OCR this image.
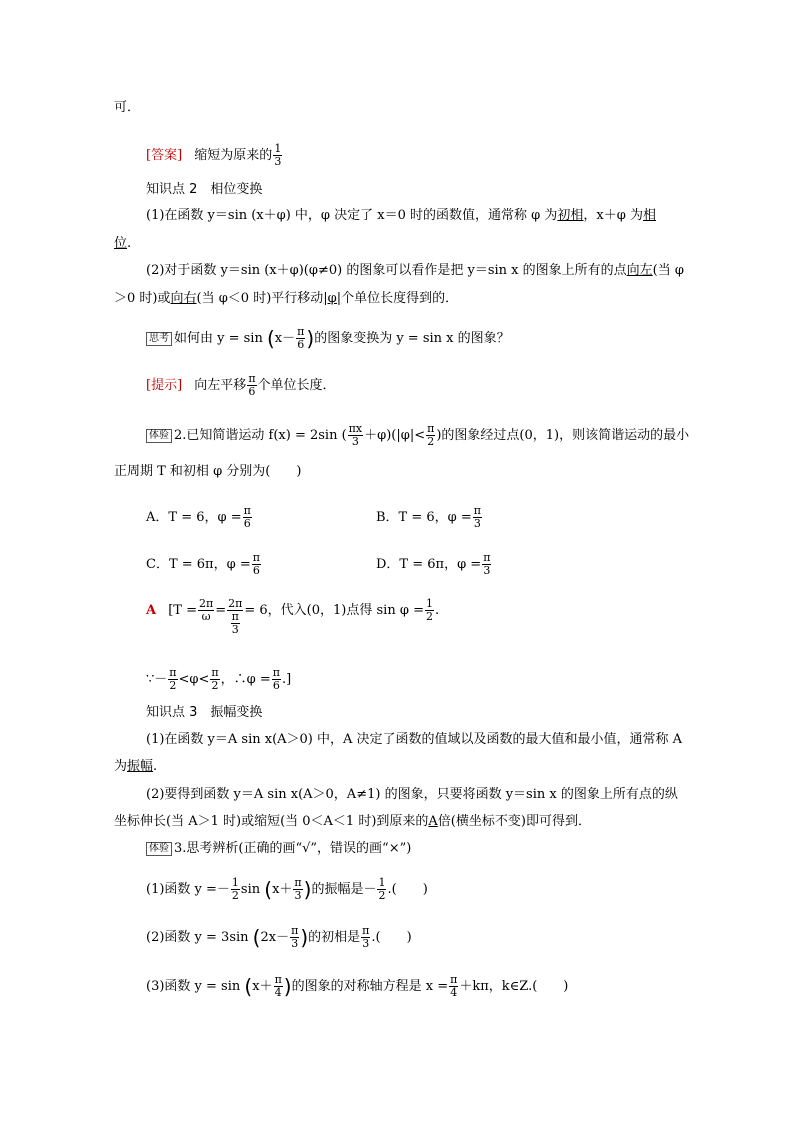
可．
[答案] 缩短为原来的 $\frac{1}{3}$
知识点 2　相位变换
(1)在函数 y＝sin (x＋φ) 中，φ 决定了 x＝0 时的函数值，通常称 φ 为初相，x＋φ 为相
位.
(2)对于函数 y＝sin (x＋φ)(φ≠0) 的图象可以看作是把 y＝sin x 的图象上所有的点向左(当 φ
＞0 时)或向右(当 φ＜0 时)平行移动|φ|个单位长度得到的．
思考 如何由 $y = \sin (x- \frac{\pi}{6}$ )的图象变换为 y = sin x 的图象？
[提示] 向左平移 $\frac{\pi}{6}$ 个单位长度．
体验 2.已知简谐运动 f(x) = 2sin ( $\frac{\pi x}{3} +\varphi)(|\varphi|< \frac{\pi}{2}$ )的图象经过点(0，1)，则该简谐运动的最小
正周期 T 和初相 φ 分别为(　　)
A．T = 6，$\varphi = \frac{\pi}{6}$	B．T = 6，$\varphi = \frac{\pi}{3}$
C．T = 6π，$\varphi = \frac{\pi}{6}$	D．T = 6π，$\varphi = \frac{\pi}{3}$
A [$T = \frac{2\pi}{\omega} = \frac{2\pi}{\frac{\pi}{3}} = 6$，代入(0，1)点得 $\sin \varphi = \frac{1}{2}$ .
∵－ $\frac{\pi}{2} <\varphi< \frac{\pi}{2}$ ，∴φ = $\frac{\pi}{6}$ .]
知识点 3　振幅变换
(1)在函数 y＝A sin x(A＞0) 中，A 决定了函数的值域以及函数的最大值和最小值，通常称 A
为振幅.
(2)要得到函数 y＝A sin x(A＞0，A≠1) 的图象，只要将函数 y＝sin x 的图象上所有点的纵
坐标伸长(当 A＞1 时)或缩短(当 0＜A＜1 时)到原来的A倍(横坐标不变)即可得到．
体验 3.思考辨析(正确的画“√”，错误的画“×”)
(1)函数 $y =- \frac{1}{2}$ $\sin (x+ \frac{\pi}{3}$ )的振幅是－ $\frac{1}{2}$ .(　　)
(2)函数 y = 3sin ($2x- \frac{\pi}{3}$ )的初相是 $\frac{\pi}{3}$ .(　　)
(3)函数 $y = \sin (x+ \frac{\pi}{4}$ )的图象的对称轴方程是 $x = \frac{\pi}{4} +k\pi$，k∈Z.(　　)
